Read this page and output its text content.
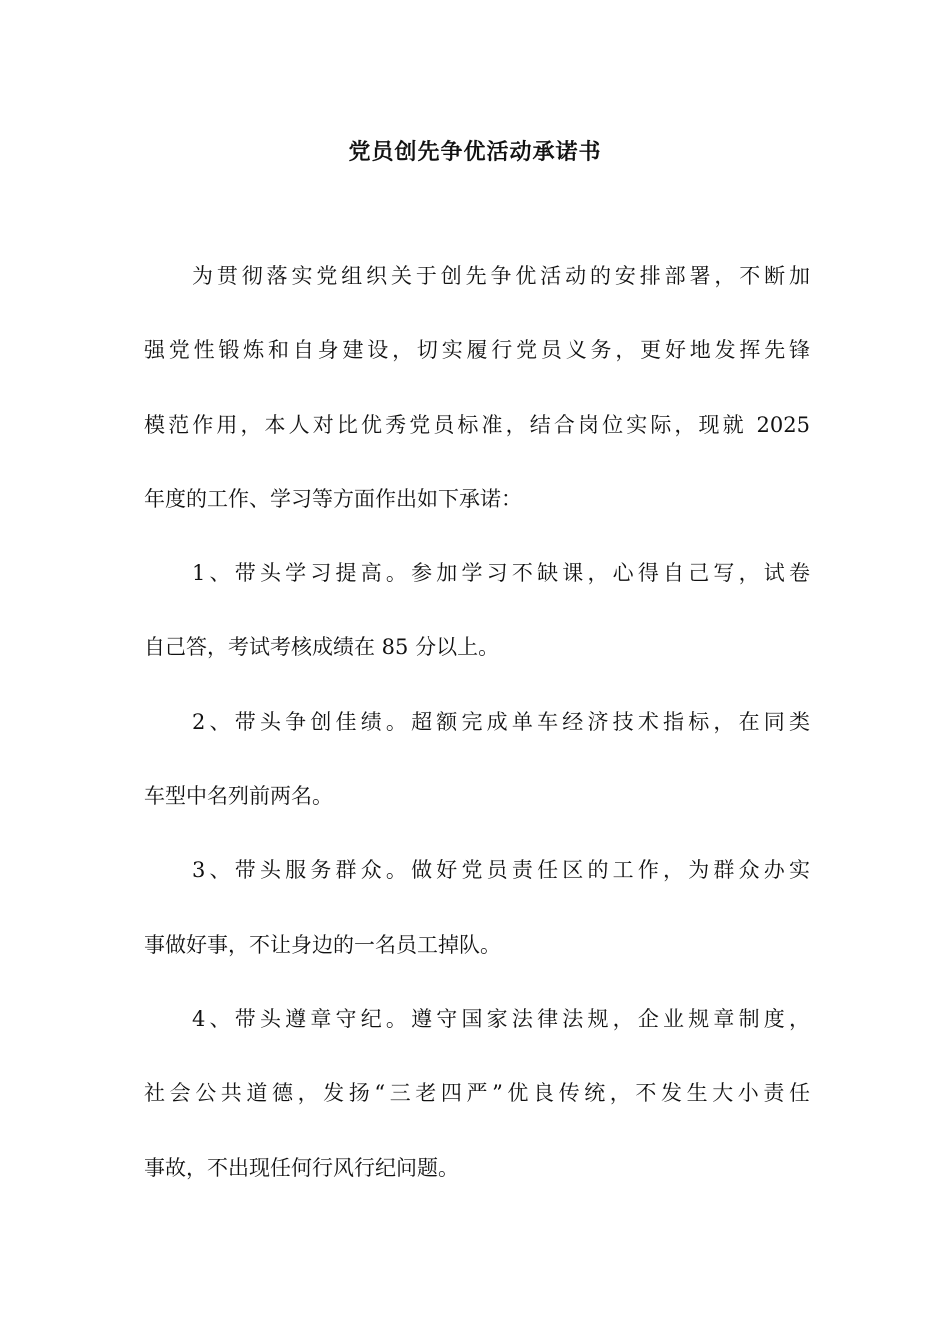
党员创先争优活动承诺书
为贯彻落实党组织关于创先争优活动的安排部署，不断加
强党性锻炼和自身建设，切实履行党员义务，更好地发挥先锋
模范作用，本人对比优秀党员标准，结合岗位实际，现就 2025
年度的工作、学习等方面作出如下承诺：
1、带头学习提高。参加学习不缺课，心得自己写，试卷
自己答，考试考核成绩在 85 分以上。
2、带头争创佳绩。超额完成单车经济技术指标，在同类
车型中名列前两名。
3、带头服务群众。做好党员责任区的工作，为群众办实
事做好事，不让身边的一名员工掉队。
4、带头遵章守纪。遵守国家法律法规，企业规章制度，
社会公共道德，发扬“三老四严”优良传统，不发生大小责任
事故，不出现任何行风行纪问题。
